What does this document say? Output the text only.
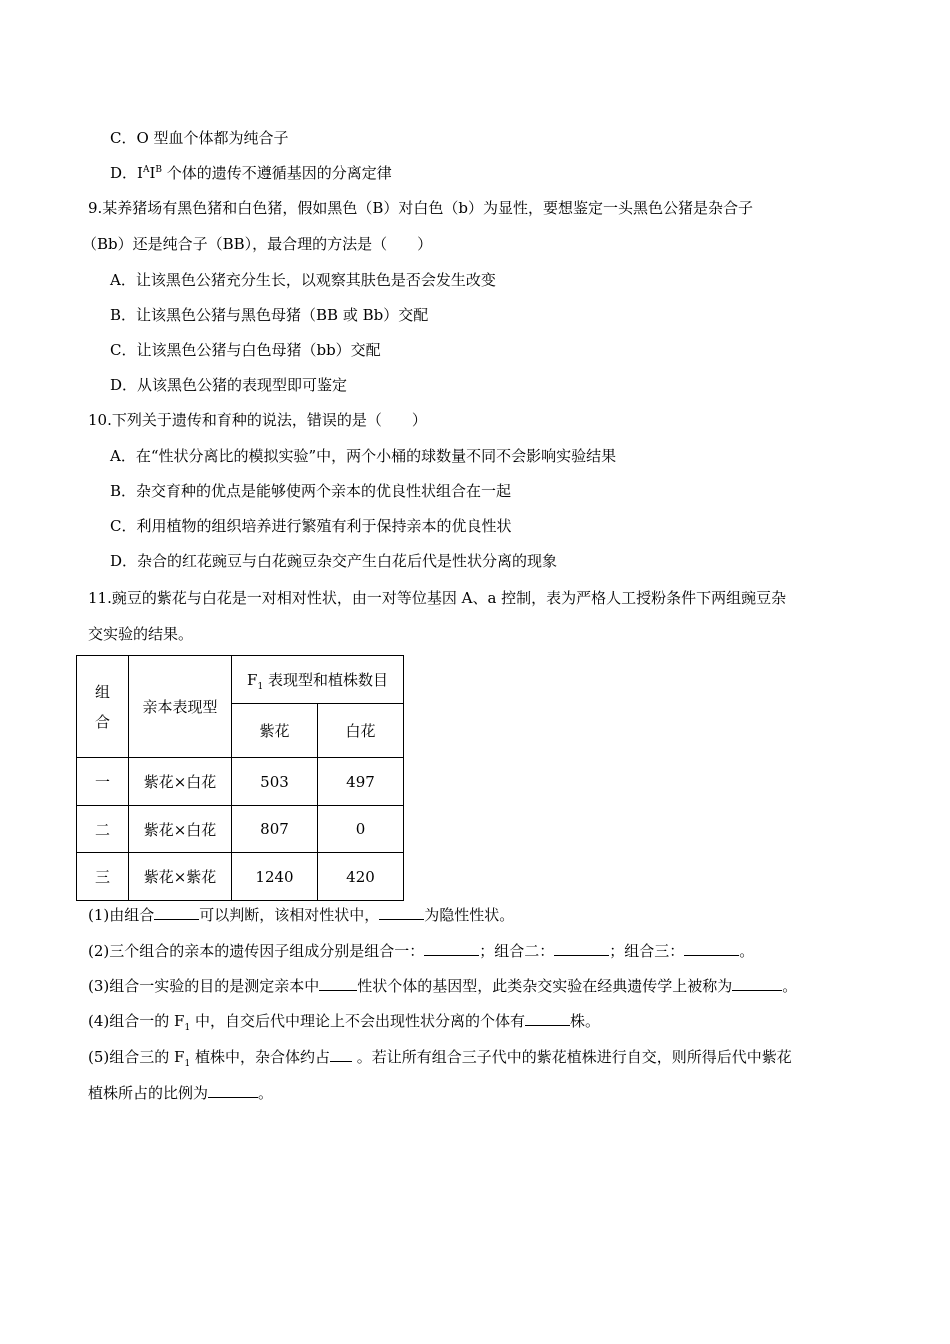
C．O 型血个体都为纯合子
D．$I^AI^B$ 个体的遗传不遵循基因的分离定律
9.某养猪场有黑色猪和白色猪，假如黑色（B）对白色（b）为显性，要想鉴定一头黑色公猪是杂合子
（Bb）还是纯合子（BB），最合理的方法是（　　）
A．让该黑色公猪充分生长，以观察其肤色是否会发生改变
B．让该黑色公猪与黑色母猪（BB 或 Bb）交配
C．让该黑色公猪与白色母猪（bb）交配
D．从该黑色公猪的表现型即可鉴定
10.下列关于遗传和育种的说法，错误的是（　　）
A．在“性状分离比的模拟实验”中，两个小桶的球数量不同不会影响实验结果
B．杂交育种的优点是能够使两个亲本的优良性状组合在一起
C．利用植物的组织培养进行繁殖有利于保持亲本的优良性状
D．杂合的红花豌豆与白花豌豆杂交产生白花后代是性状分离的现象
11.豌豆的紫花与白花是一对相对性状，由一对等位基因 A、a 控制，表为严格人工授粉条件下两组豌豆杂
交实验的结果。
组
合	亲本表现型	$F_1$ 表现型和植株数目	
		紫花	白花
一	紫花×白花	503	497
二	紫花×白花	807	0
三	紫花×紫花	1240	420
(1)由组合	可以判断，该相对性状中，	为隐性性状。
(2)三个组合的亲本的遗传因子组成分别是组合一：	；组合二：	；组合三：	。
(3)组合一实验的目的是测定亲本中	性状个体的基因型，此类杂交实验在经典遗传学上被称为	。
(4)组合一的 $F_1$ 中，自交后代中理论上不会出现性状分离的个体有	株。
(5)组合三的 $F_1$ 植株中，杂合体约占 。若让所有组合三子代中的紫花植株进行自交，则所得后代中紫花
植株所占的比例为	。
